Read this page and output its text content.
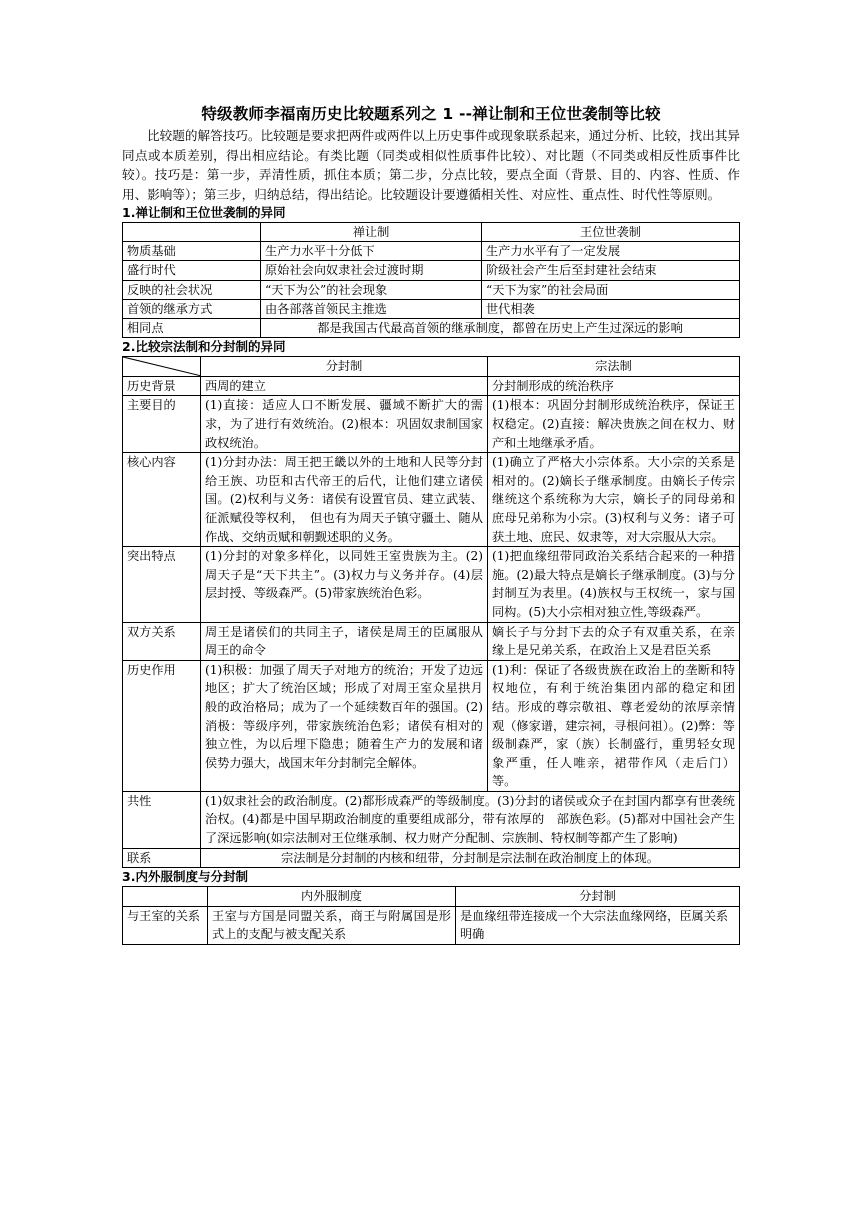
特级教师李福南历史比较题系列之 1 --禅让制和王位世袭制等比较

比较题的解答技巧。比较题是要求把两件或两件以上历史事件或现象联系起来，通过分析、比较，找出其异同点或本质差别，得出相应结论。有类比题（同类或相似性质事件比较）、对比题（不同类或相反性质事件比较）。技巧是：第一步，弄清性质，抓住本质；第二步，分点比较，要点全面（背景、目的、内容、性质、作用、影响等）；第三步，归纳总结，得出结论。比较题设计要遵循相关性、对应性、重点性、时代性等原则。

1.禅让制和王位世袭制的异同
	禅让制	王位世袭制
物质基础	生产力水平十分低下	生产力水平有了一定发展
盛行时代	原始社会向奴隶社会过渡时期	阶级社会产生后至封建社会结束
反映的社会状况	“天下为公”的社会现象	“天下为家”的社会局面
首领的继承方式	由各部落首领民主推选	世代相袭
相同点	都是我国古代最高首领的继承制度，都曾在历史上产生过深远的影响	
2.比较宗法制和分封制的异同
	分封制	宗法制
历史背景	西周的建立	分封制形成的统治秩序
主要目的	(1)直接：适应人口不断发展、疆域不断扩大的需求，为了进行有效统治。(2)根本：巩固奴隶制国家政权统治。	(1)根本：巩固分封制形成统治秩序，保证王权稳定。(2)直接：解决贵族之间在权力、财产和土地继承矛盾。
核心内容	(1)分封办法：周王把王畿以外的土地和人民等分封给王族、功臣和古代帝王的后代，让他们建立诸侯国。(2)权利与义务：诸侯有设置官员、建立武装、征派赋役等权利，　但也有为周天子镇守疆土、随从作战、交纳贡赋和朝觐述职的义务。	(1)确立了严格大小宗体系。大小宗的关系是相对的。(2)嫡长子继承制度。由嫡长子传宗继统这个系统称为大宗，嫡长子的同母弟和庶母兄弟称为小宗。(3)权利与义务：诸子可获土地、庶民、奴隶等，对大宗服从大宗。
突出特点	(1)分封的对象多样化，以同姓王室贵族为主。(2)周天子是“天下共主”。(3)权力与义务并存。(4)层层封授、等级森严。(5)带家族统治色彩。	(1)把血缘纽带同政治关系结合起来的一种措施。(2)最大特点是嫡长子继承制度。(3)与分封制互为表里。(4)族权与王权统一，家与国同构。(5)大小宗相对独立性,等级森严。
双方关系	周王是诸侯们的共同主子，诸侯是周王的臣属服从周王的命令	嫡长子与分封下去的众子有双重关系，在亲缘上是兄弟关系，在政治上又是君臣关系
历史作用	(1)积极：加强了周天子对地方的统治；开发了边远地区；扩大了统治区域；形成了对周王室众星拱月般的政治格局；成为了一个延续数百年的强国。(2)消极：等级序列，带家族统治色彩；诸侯有相对的独立性，为以后埋下隐患；随着生产力的发展和诸侯势力强大，战国末年分封制完全解体。	(1)利：保证了各级贵族在政治上的垄断和特权地位，有利于统治集团内部的稳定和团结。形成的尊宗敬祖、尊老爱幼的浓厚亲情观（修家谱，建宗祠，寻根问祖）。(2)弊：等级制森严，家（族）长制盛行，重男轻女现象严重，任人唯亲，裙带作风（走后门）等。
共性	(1)奴隶社会的政治制度。(2)都形成森严的等级制度。(3)分封的诸侯或众子在封国内都享有世袭统治权。(4)都是中国早期政治制度的重要组成部分，带有浓厚的　部族色彩。(5)都对中国社会产生了深远影响(如宗法制对王位继承制、权力财产分配制、宗族制、特权制等都产生了影响)	
联系	宗法制是分封制的内核和纽带，分封制是宗法制在政治制度上的体现。	
3.内外服制度与分封制
	内外服制度	分封制
与王室的关系	王室与方国是同盟关系，商王与附属国是形式上的支配与被支配关系	是血缘纽带连接成一个大宗法血缘网络，臣属关系明确
